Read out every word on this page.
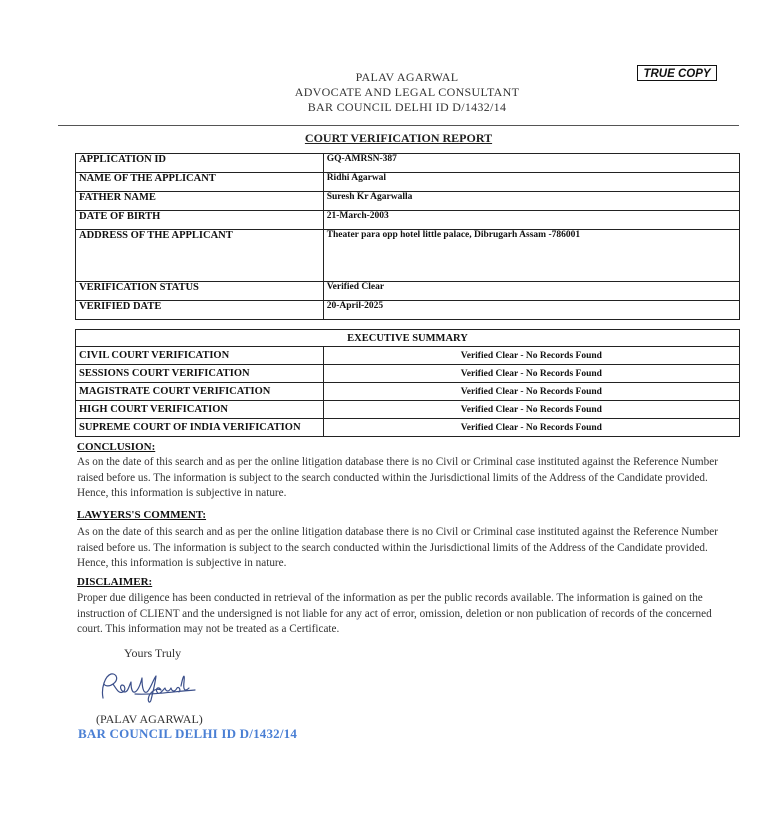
PALAV AGARWAL
ADVOCATE AND LEGAL CONSULTANT
BAR COUNCIL DELHI ID D/1432/14
TRUE COPY
COURT VERIFICATION REPORT
APPLICATION ID	GQ-AMRSN-387
NAME OF THE APPLICANT	Ridhi Agarwal
FATHER NAME	Suresh Kr Agarwalla
DATE OF BIRTH	21-March-2003
ADDRESS OF THE APPLICANT	Theater para opp hotel little palace, Dibrugarh Assam -786001
VERIFICATION STATUS	Verified Clear
VERIFIED DATE	20-April-2025
EXECUTIVE SUMMARY	
CIVIL COURT VERIFICATION	Verified Clear - No Records Found
SESSIONS COURT VERIFICATION	Verified Clear - No Records Found
MAGISTRATE COURT VERIFICATION	Verified Clear - No Records Found
HIGH COURT VERIFICATION	Verified Clear - No Records Found
SUPREME COURT OF INDIA VERIFICATION	Verified Clear - No Records Found
CONCLUSION:
As on the date of this search and as per the online litigation database there is no Civil or Criminal case instituted against the Reference Number raised before us. The information is subject to the search conducted within the Jurisdictional limits of the Address of the Candidate provided. Hence, this information is subjective in nature.
LAWYERS'S COMMENT:
As on the date of this search and as per the online litigation database there is no Civil or Criminal case instituted against the Reference Number raised before us. The information is subject to the search conducted within the Jurisdictional limits of the Address of the Candidate provided. Hence, this information is subjective in nature.
DISCLAIMER:
Proper due diligence has been conducted in retrieval of the information as per the public records available. The information is gained on the instruction of CLIENT and the undersigned is not liable for any act of error, omission, deletion or non publication of records of the concerned court. This information may not be treated as a Certificate.
Yours Truly
(PALAV AGARWAL)
BAR COUNCIL DELHI ID D/1432/14
